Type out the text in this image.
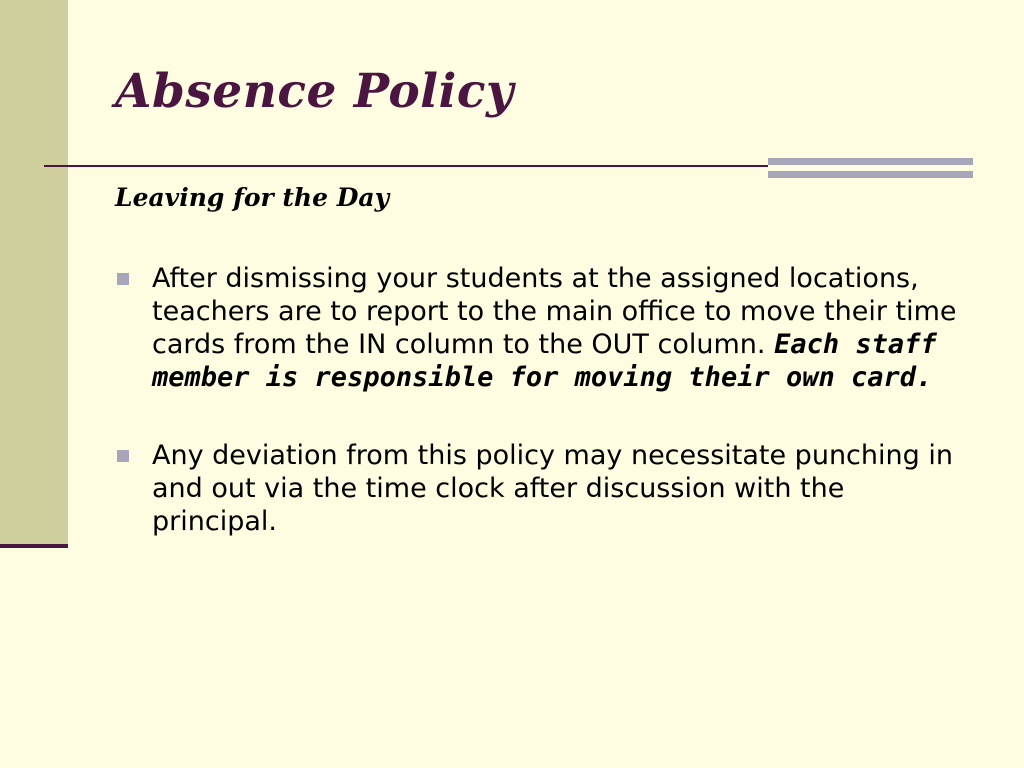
Absence Policy
Leaving for the Day
After dismissing your students at the assigned locations, teachers are to report to the main office to move their time cards from the IN column to the OUT column. Each staff member is responsible for moving their own card.
Any deviation from this policy may necessitate punching in and out via the time clock after discussion with the principal.
